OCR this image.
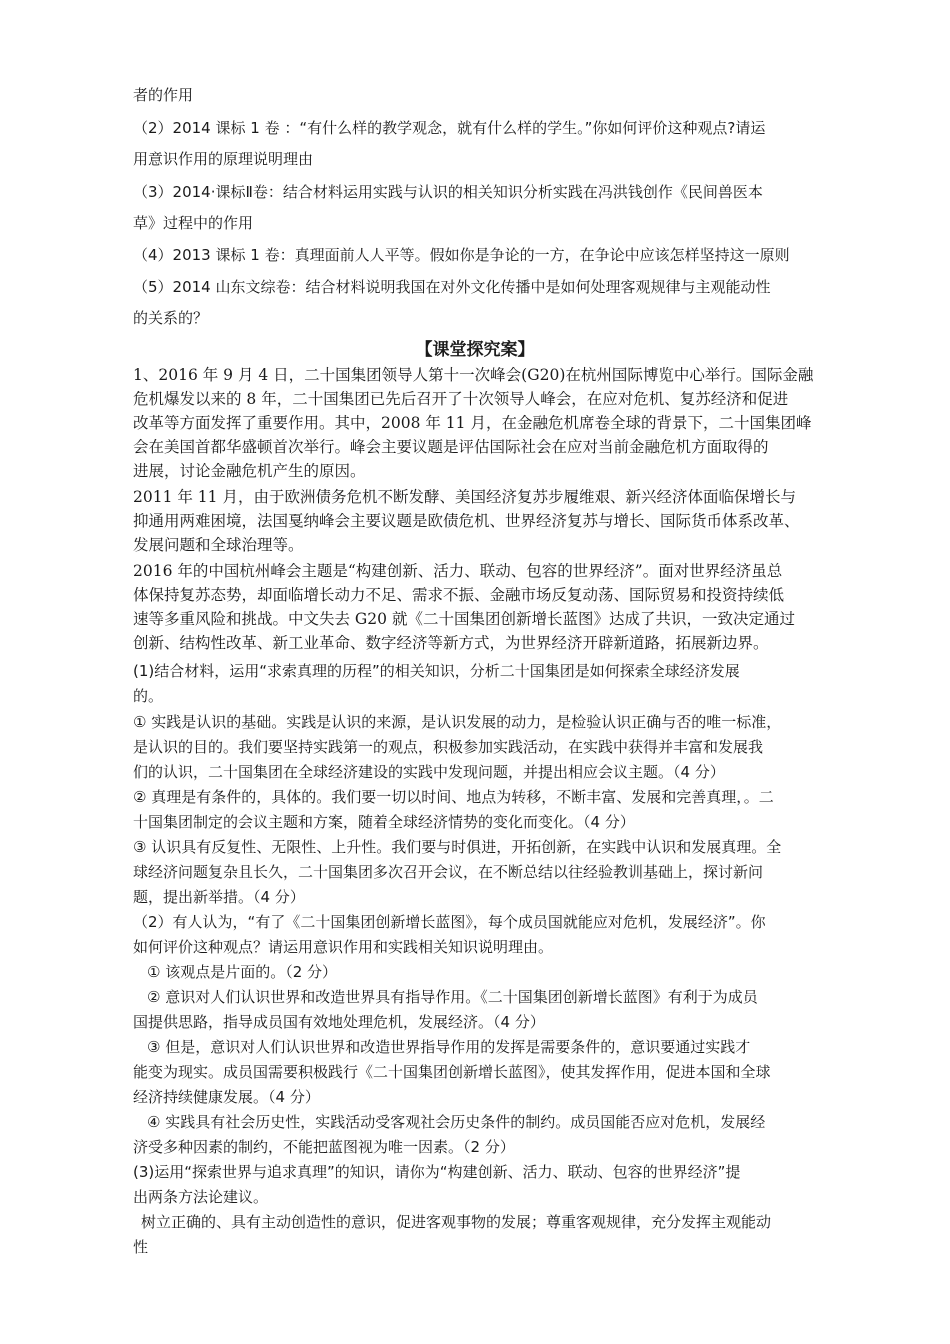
者的作用
（2）2014 课标 1 卷 ：“有什么样的教学观念，就有什么样的学生。”你如何评价这种观点?请运
用意识作用的原理说明理由
（3）2014·课标Ⅱ卷：结合材料运用实践与认识的相关知识分析实践在冯洪钱创作《民间兽医本
草》过程中的作用
（4）2013 课标 1 卷：真理面前人人平等。假如你是争论的一方，在争论中应该怎样坚持这一原则
（5）2014 山东文综卷：结合材料说明我国在对外文化传播中是如何处理客观规律与主观能动性
的关系的？
【课堂探究案】
1、2016 年 9 月 4 日，二十国集团领导人第十一次峰会(G20)在杭州国际博览中心举行。国际金融
危机爆发以来的 8 年，二十国集团已先后召开了十次领导人峰会，在应对危机、复苏经济和促进
改革等方面发挥了重要作用。其中，2008 年 11 月，在金融危机席卷全球的背景下，二十国集团峰
会在美国首都华盛顿首次举行。峰会主要议题是评估国际社会在应对当前金融危机方面取得的
进展，讨论金融危机产生的原因。
2011 年 11 月，由于欧洲债务危机不断发酵、美国经济复苏步履维艰、新兴经济体面临保增长与
抑通用两难困境，法国戛纳峰会主要议题是欧债危机、世界经济复苏与增长、国际货币体系改革、
发展问题和全球治理等。
2016 年的中国杭州峰会主题是“构建创新、活力、联动、包容的世界经济”。面对世界经济虽总
体保持复苏态势，却面临增长动力不足、需求不振、金融市场反复动荡、国际贸易和投资持续低
速等多重风险和挑战。中文失去 G20 就《二十国集团创新增长蓝图》达成了共识，一致决定通过
创新、结构性改革、新工业革命、数字经济等新方式，为世界经济开辟新道路，拓展新边界。
(1)结合材料，运用“求索真理的历程”的相关知识，分析二十国集团是如何探索全球经济发展
的。
① 实践是认识的基础。实践是认识的来源，是认识发展的动力，是检验认识正确与否的唯一标准，
是认识的目的。我们要坚持实践第一的观点，积极参加实践活动，在实践中获得并丰富和发展我
们的认识，二十国集团在全球经济建设的实践中发现问题，并提出相应会议主题。（4 分）
② 真理是有条件的，具体的。我们要一切以时间、地点为转移，不断丰富、发展和完善真理，。二
十国集团制定的会议主题和方案，随着全球经济情势的变化而变化。（4 分）
③ 认识具有反复性、无限性、上升性。我们要与时俱进，开拓创新，在实践中认识和发展真理。全
球经济问题复杂且长久，二十国集团多次召开会议，在不断总结以往经验教训基础上，探讨新问
题，提出新举措。（4 分）
（2）有人认为，“有了《二十国集团创新增长蓝图》，每个成员国就能应对危机，发展经济”。你
如何评价这种观点？请运用意识作用和实践相关知识说明理由。
① 该观点是片面的。（2 分）
② 意识对人们认识世界和改造世界具有指导作用。《二十国集团创新增长蓝图》有利于为成员
国提供思路，指导成员国有效地处理危机，发展经济。（4 分）
③ 但是，意识对人们认识世界和改造世界指导作用的发挥是需要条件的，意识要通过实践才
能变为现实。成员国需要积极践行《二十国集团创新增长蓝图》，使其发挥作用，促进本国和全球
经济持续健康发展。（4 分）
④ 实践具有社会历史性，实践活动受客观社会历史条件的制约。成员国能否应对危机，发展经
济受多种因素的制约，不能把蓝图视为唯一因素。（2 分）
(3)运用“探索世界与追求真理”的知识，请你为“构建创新、活力、联动、包容的世界经济”提
出两条方法论建议。
树立正确的、具有主动创造性的意识，促进客观事物的发展；尊重客观规律，充分发挥主观能动
性
